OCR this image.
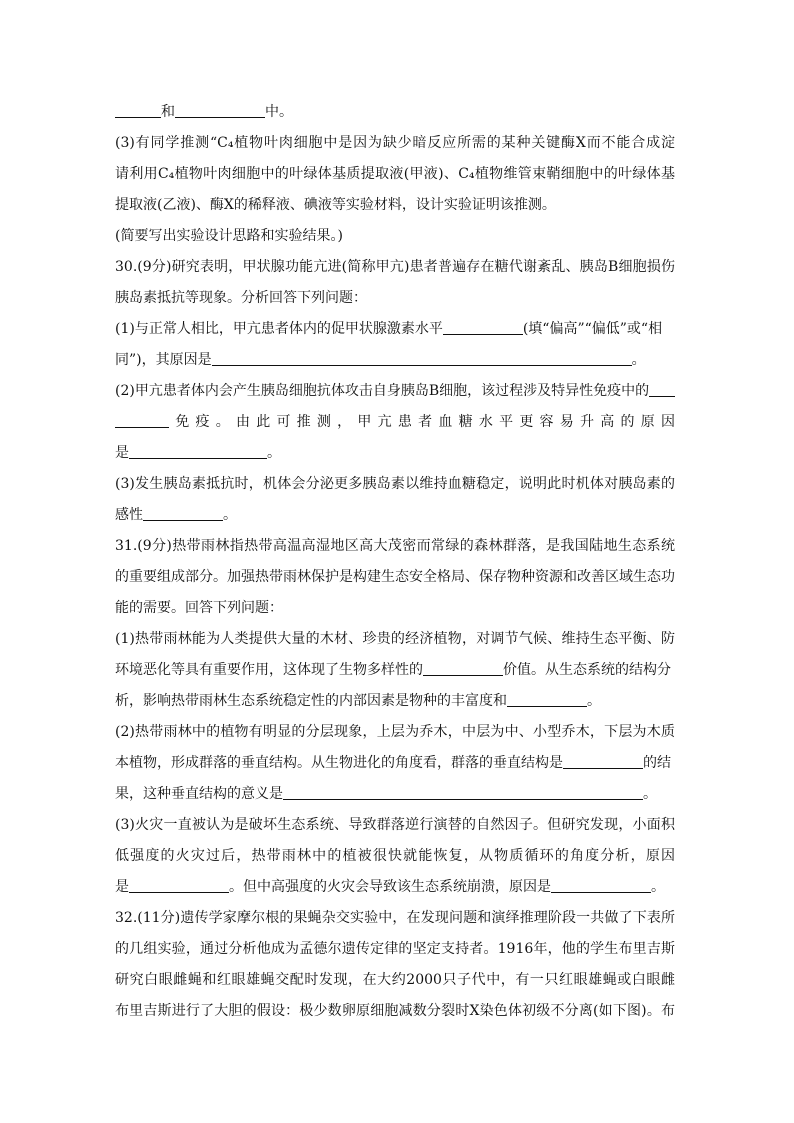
和	中。
(3)有同学推测“C₄植物叶肉细胞中是因为缺少暗反应所需的某种关键酶X而不能合成淀
请利用C₄植物叶肉细胞中的叶绿体基质提取液(甲液)、C₄植物维管束鞘细胞中的叶绿体基
提取液(乙液)、酶X的稀释液、碘液等实验材料，设计实验证明该推测。
(简要写出实验设计思路和实验结果。)
30.(9分)研究表明，甲状腺功能亢进(简称甲亢)患者普遍存在糖代谢紊乱、胰岛B细胞损伤
胰岛素抵抗等现象。分析回答下列问题：
(1)与正常人相比，甲亢患者体内的促甲状腺激素水平	(填“偏高”“偏低”或“相
同”)，其原因是	。
(2)甲亢患者体内会产生胰岛细胞抗体攻击自身胰岛B细胞，该过程涉及特异性免疫中的
免疫。由此可推测，甲亢患者血糖水平更容易升高的原因
是	。
(3)发生胰岛素抵抗时，机体会分泌更多胰岛素以维持血糖稳定，说明此时机体对胰岛素的
感性	。
31.(9分)热带雨林指热带高温高湿地区高大茂密而常绿的森林群落，是我国陆地生态系统
的重要组成部分。加强热带雨林保护是构建生态安全格局、保存物种资源和改善区域生态功
能的需要。回答下列问题：
(1)热带雨林能为人类提供大量的木材、珍贵的经济植物，对调节气候、维持生态平衡、防
环境恶化等具有重要作用，这体现了生物多样性的	价值。从生态系统的结构分
析，影响热带雨林生态系统稳定性的内部因素是物种的丰富度和	。
(2)热带雨林中的植物有明显的分层现象，上层为乔木，中层为中、小型乔木，下层为木质
本植物，形成群落的垂直结构。从生物进化的角度看，群落的垂直结构是	的结
果，这种垂直结构的意义是	。
(3)火灾一直被认为是破坏生态系统、导致群落逆行演替的自然因子。但研究发现，小面积
低强度的火灾过后，热带雨林中的植被很快就能恢复，从物质循环的角度分析，原因
是	。但中高强度的火灾会导致该生态系统崩溃，原因是	。
32.(11分)遗传学家摩尔根的果蝇杂交实验中，在发现问题和演绎推理阶段一共做了下表所
的几组实验，通过分析他成为孟德尔遗传定律的坚定支持者。1916年，他的学生布里吉斯
研究白眼雌蝇和红眼雄蝇交配时发现，在大约2000只子代中，有一只红眼雄蝇或白眼雌
布里吉斯进行了大胆的假设：极少数卵原细胞减数分裂时X染色体初级不分离(如下图)。布
